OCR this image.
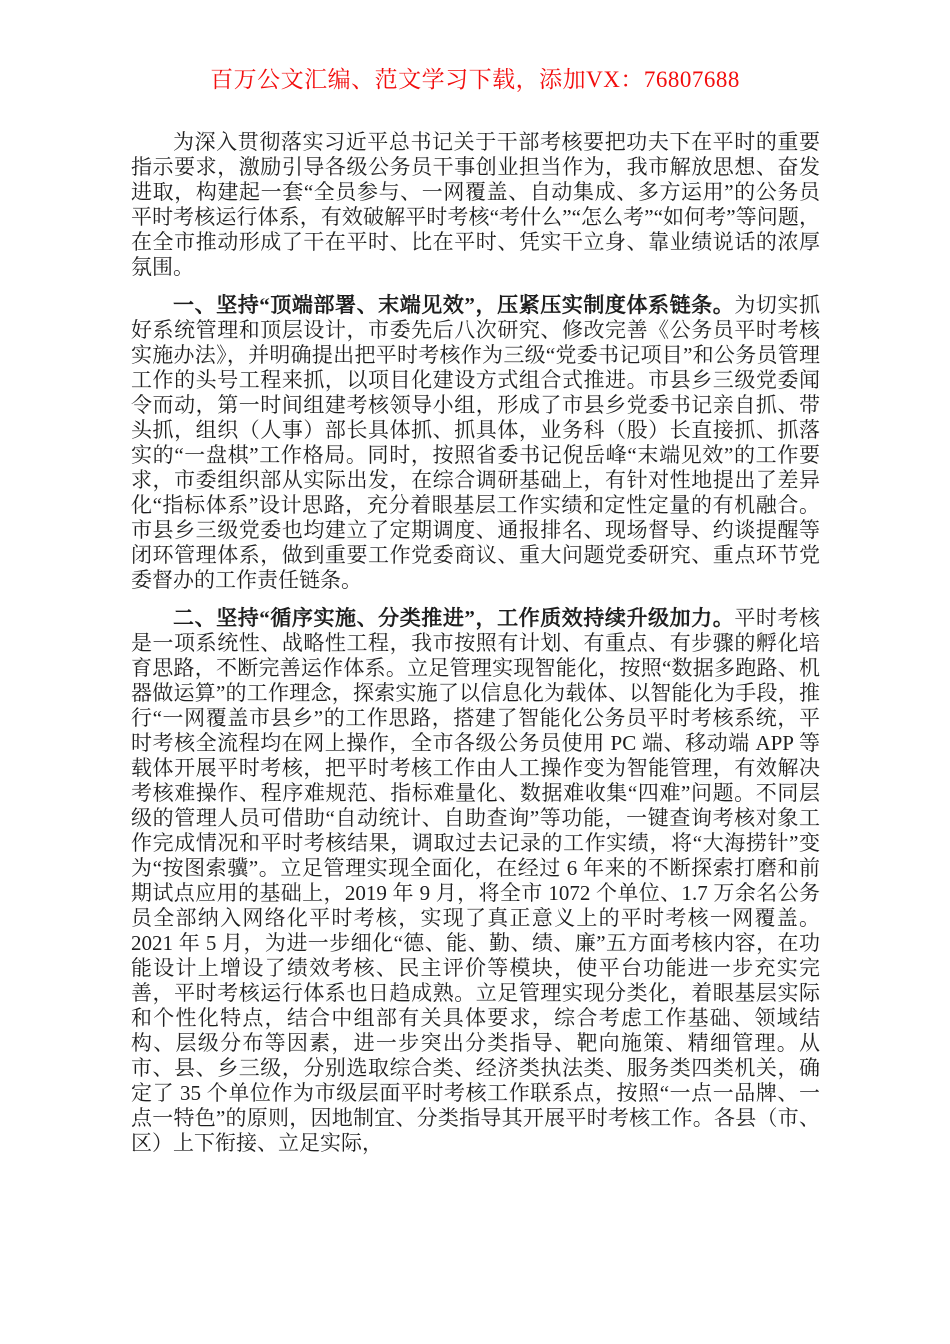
百万公文汇编、范文学习下载，添加VX：76807688

为深入贯彻落实习近平总书记关于干部考核要把功夫下在平时的重要指示要求，激励引导各级公务员干事创业担当作为，我市解放思想、奋发进取，构建起一套“全员参与、一网覆盖、自动集成、多方运用”的公务员平时考核运行体系，有效破解平时考核“考什么”“怎么考”“如何考”等问题，在全市推动形成了干在平时、比在平时、凭实干立身、靠业绩说话的浓厚氛围。

一、坚持“顶端部署、末端见效”，压紧压实制度体系链条。为切实抓好系统管理和顶层设计，市委先后八次研究、修改完善《公务员平时考核实施办法》，并明确提出把平时考核作为三级“党委书记项目”和公务员管理工作的头号工程来抓，以项目化建设方式组合式推进。市县乡三级党委闻令而动，第一时间组建考核领导小组，形成了市县乡党委书记亲自抓、带头抓，组织（人事）部长具体抓、抓具体，业务科（股）长直接抓、抓落实的“一盘棋”工作格局。同时，按照省委书记倪岳峰“末端见效”的工作要求，市委组织部从实际出发，在综合调研基础上，有针对性地提出了差异化“指标体系”设计思路，充分着眼基层工作实绩和定性定量的有机融合。市县乡三级党委也均建立了定期调度、通报排名、现场督导、约谈提醒等闭环管理体系，做到重要工作党委商议、重大问题党委研究、重点环节党委督办的工作责任链条。

二、坚持“循序实施、分类推进”，工作质效持续升级加力。平时考核是一项系统性、战略性工程，我市按照有计划、有重点、有步骤的孵化培育思路，不断完善运作体系。立足管理实现智能化，按照“数据多跑路、机器做运算”的工作理念，探索实施了以信息化为载体、以智能化为手段，推行“一网覆盖市县乡”的工作思路，搭建了智能化公务员平时考核系统，平时考核全流程均在网上操作，全市各级公务员使用 PC 端、移动端 APP 等载体开展平时考核，把平时考核工作由人工操作变为智能管理，有效解决考核难操作、程序难规范、指标难量化、数据难收集“四难”问题。不同层级的管理人员可借助“自动统计、自助查询”等功能，一键查询考核对象工作完成情况和平时考核结果，调取过去记录的工作实绩，将“大海捞针”变为“按图索骥”。立足管理实现全面化，在经过 6 年来的不断探索打磨和前期试点应用的基础上，2019 年 9 月，将全市 1072 个单位、1.7 万余名公务员全部纳入网络化平时考核，实现了真正意义上的平时考核一网覆盖。2021 年 5 月，为进一步细化“德、能、勤、绩、廉”五方面考核内容，在功能设计上增设了绩效考核、民主评价等模块，使平台功能进一步充实完善，平时考核运行体系也日趋成熟。立足管理实现分类化，着眼基层实际和个性化特点，结合中组部有关具体要求，综合考虑工作基础、领域结构、层级分布等因素，进一步突出分类指导、靶向施策、精细管理。从市、县、乡三级，分别选取综合类、经济类执法类、服务类四类机关，确定了 35 个单位作为市级层面平时考核工作联系点，按照“一点一品牌、一点一特色”的原则，因地制宜、分类指导其开展平时考核工作。各县（市、区）上下衔接、立足实际，
